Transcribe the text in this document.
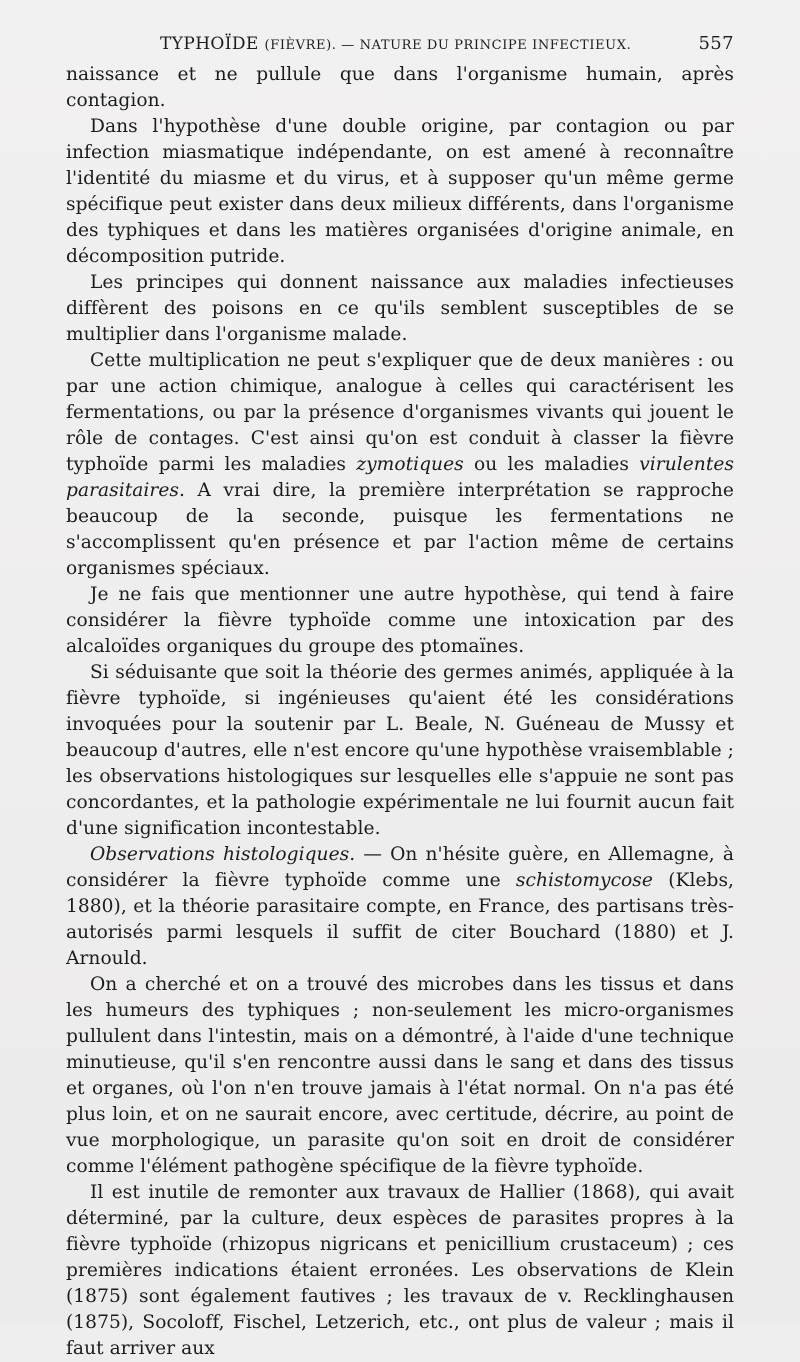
TYPHOÏDE (FIÈVRE). — NATURE DU PRINCIPE INFECTIEUX.	557

naissance et ne pullule que dans l'organisme humain, après contagion.

Dans l'hypothèse d'une double origine, par contagion ou par infection miasmatique indépendante, on est amené à reconnaître l'identité du miasme et du virus, et à supposer qu'un même germe spécifique peut exister dans deux milieux différents, dans l'organisme des typhiques et dans les matières organisées d'origine animale, en décomposition putride.

Les principes qui donnent naissance aux maladies infectieuses diffèrent des poisons en ce qu'ils semblent susceptibles de se multiplier dans l'organisme malade.

Cette multiplication ne peut s'expliquer que de deux manières : ou par une action chimique, analogue à celles qui caractérisent les fermentations, ou par la présence d'organismes vivants qui jouent le rôle de contages. C'est ainsi qu'on est conduit à classer la fièvre typhoïde parmi les maladies zymotiques ou les maladies virulentes parasitaires. A vrai dire, la première interprétation se rapproche beaucoup de la seconde, puisque les fermentations ne s'accomplissent qu'en présence et par l'action même de certains organismes spéciaux.

Je ne fais que mentionner une autre hypothèse, qui tend à faire considérer la fièvre typhoïde comme une intoxication par des alcaloïdes organiques du groupe des ptomaïnes.

Si séduisante que soit la théorie des germes animés, appliquée à la fièvre typhoïde, si ingénieuses qu'aient été les considérations invoquées pour la soutenir par L. Beale, N. Guéneau de Mussy et beaucoup d'autres, elle n'est encore qu'une hypothèse vraisemblable ; les observations histologiques sur lesquelles elle s'appuie ne sont pas concordantes, et la pathologie expérimentale ne lui fournit aucun fait d'une signification incontestable.

Observations histologiques. — On n'hésite guère, en Allemagne, à considérer la fièvre typhoïde comme une schistomycose (Klebs, 1880), et la théorie parasitaire compte, en France, des partisans très-autorisés parmi lesquels il suffit de citer Bouchard (1880) et J. Arnould.

On a cherché et on a trouvé des microbes dans les tissus et dans les humeurs des typhiques ; non-seulement les micro-organismes pullulent dans l'intestin, mais on a démontré, à l'aide d'une technique minutieuse, qu'il s'en rencontre aussi dans le sang et dans des tissus et organes, où l'on n'en trouve jamais à l'état normal. On n'a pas été plus loin, et on ne saurait encore, avec certitude, décrire, au point de vue morphologique, un parasite qu'on soit en droit de considérer comme l'élément pathogène spécifique de la fièvre typhoïde.

Il est inutile de remonter aux travaux de Hallier (1868), qui avait déterminé, par la culture, deux espèces de parasites propres à la fièvre typhoïde (rhizopus nigricans et penicillium crustaceum) ; ces premières indications étaient erronées. Les observations de Klein (1875) sont également fautives ; les travaux de v. Recklinghausen (1875), Socoloff, Fischel, Letzerich, etc., ont plus de valeur ; mais il faut arriver aux
